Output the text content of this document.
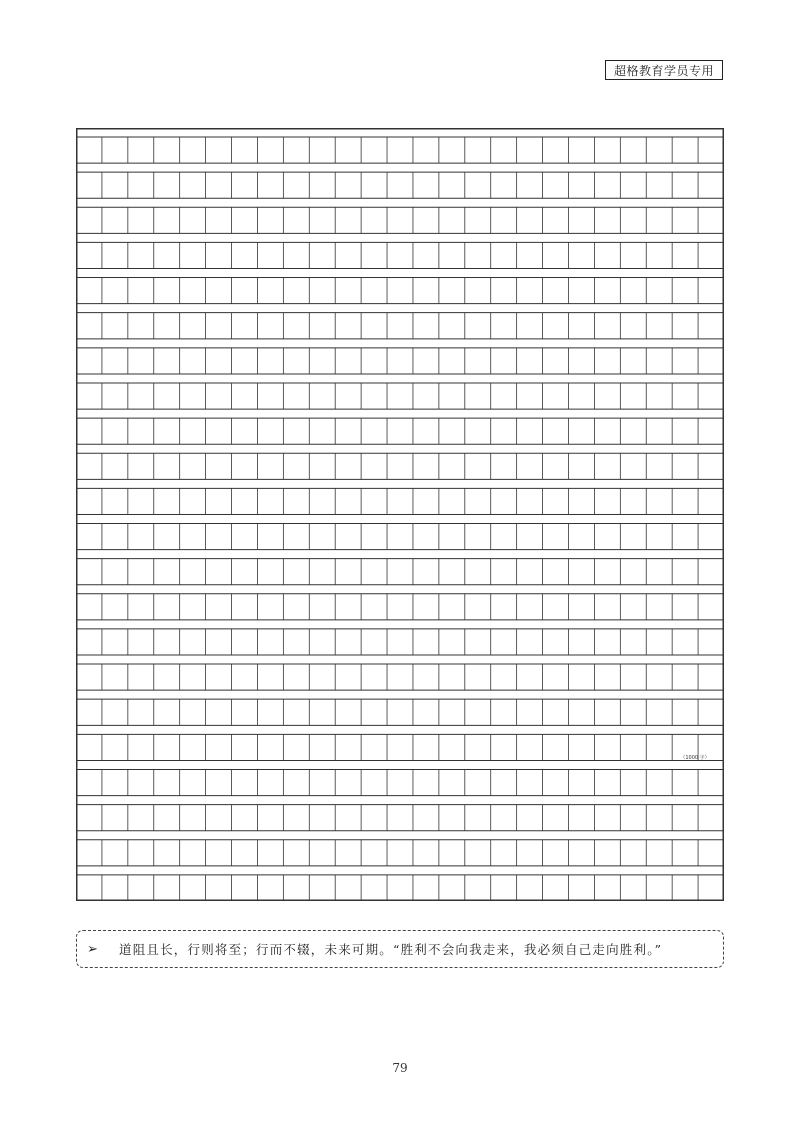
超格教育学员专用
（1000 字）
➢	道阻且长，行则将至；行而不辍，未来可期。“胜利不会向我走来，我必须自己走向胜利。”
79
